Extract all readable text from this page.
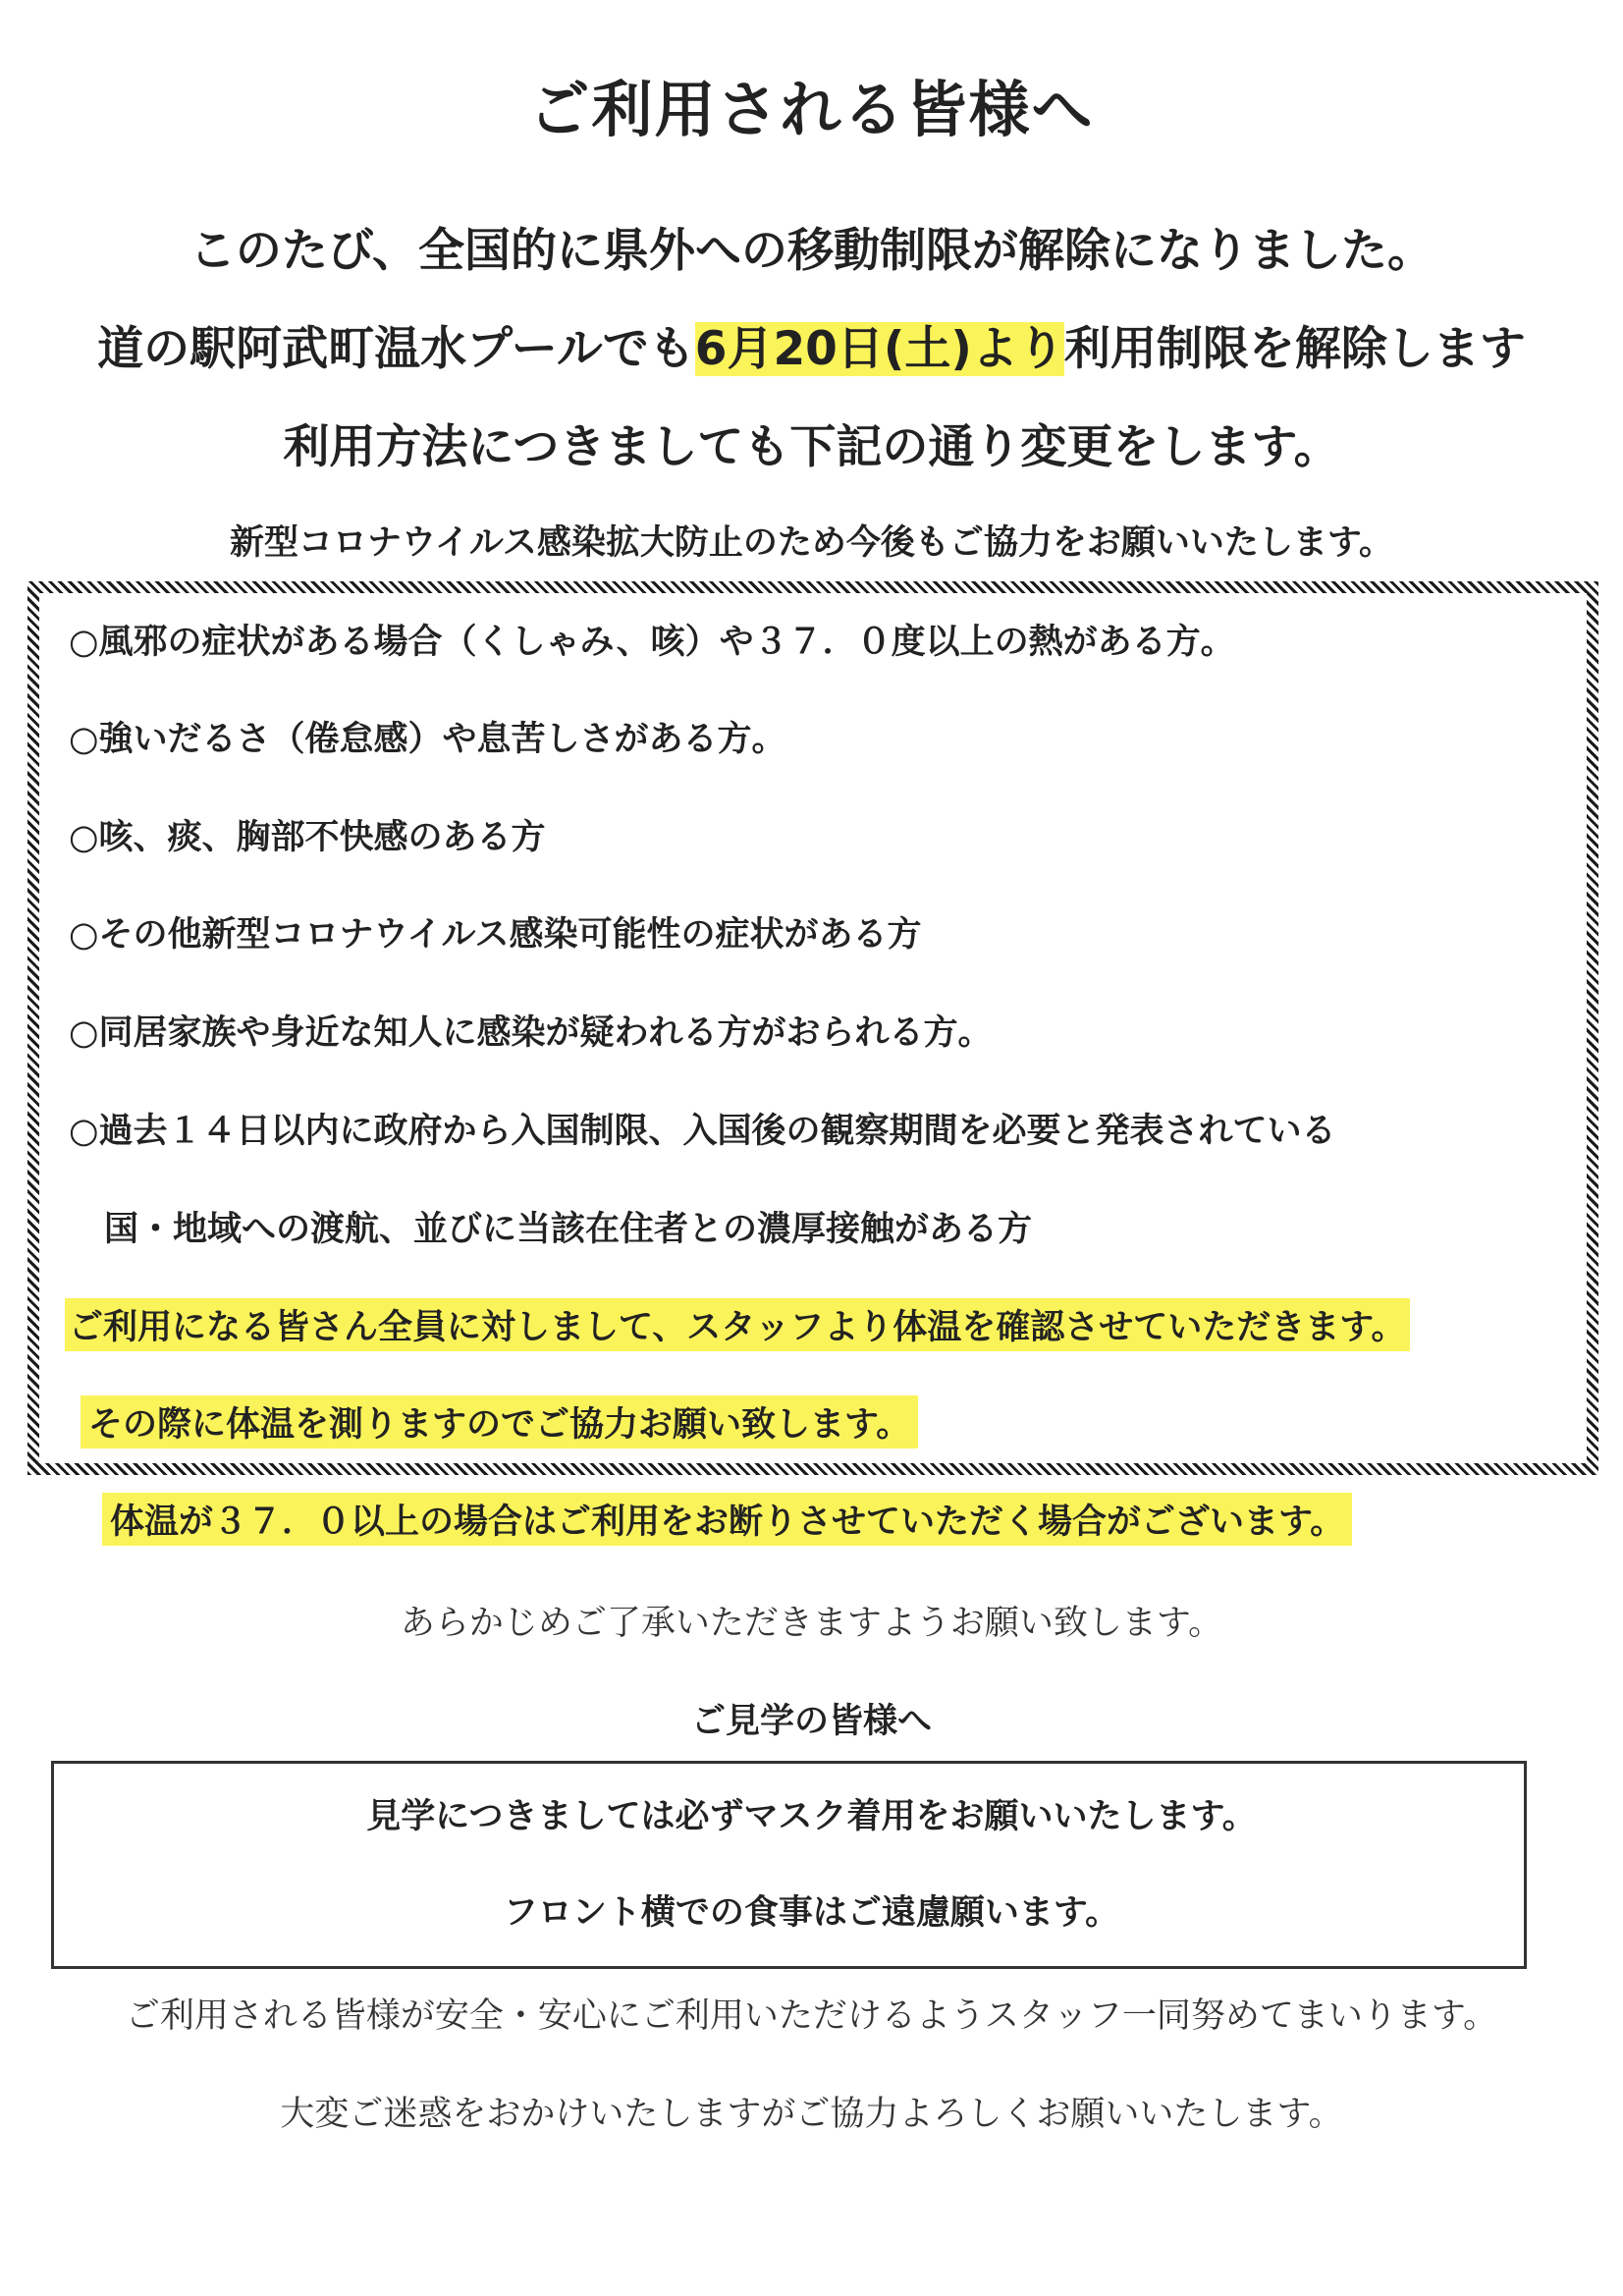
ご利用される皆様へ
このたび、全国的に県外への移動制限が解除になりました。
道の駅阿武町温水プールでも6月20日(土)より利用制限を解除します
利用方法につきましても下記の通り変更をします。
新型コロナウイルス感染拡大防止のため今後もご協力をお願いいたします。
○風邪の症状がある場合（くしゃみ、咳）や３７．０度以上の熱がある方。
○強いだるさ（倦怠感）や息苦しさがある方。
○咳、痰、胸部不快感のある方
○その他新型コロナウイルス感染可能性の症状がある方
○同居家族や身近な知人に感染が疑われる方がおられる方。
○過去１４日以内に政府から入国制限、入国後の観察期間を必要と発表されている
国・地域への渡航、並びに当該在住者との濃厚接触がある方
ご利用になる皆さん全員に対しまして、スタッフより体温を確認させていただきます。
その際に体温を測りますのでご協力お願い致します。
体温が３７．０以上の場合はご利用をお断りさせていただく場合がございます。
あらかじめご了承いただきますようお願い致します。
ご見学の皆様へ
見学につきましては必ずマスク着用をお願いいたします。
フロント横での食事はご遠慮願います。
ご利用される皆様が安全・安心にご利用いただけるようスタッフ一同努めてまいります。
大変ご迷惑をおかけいたしますがご協力よろしくお願いいたします。
